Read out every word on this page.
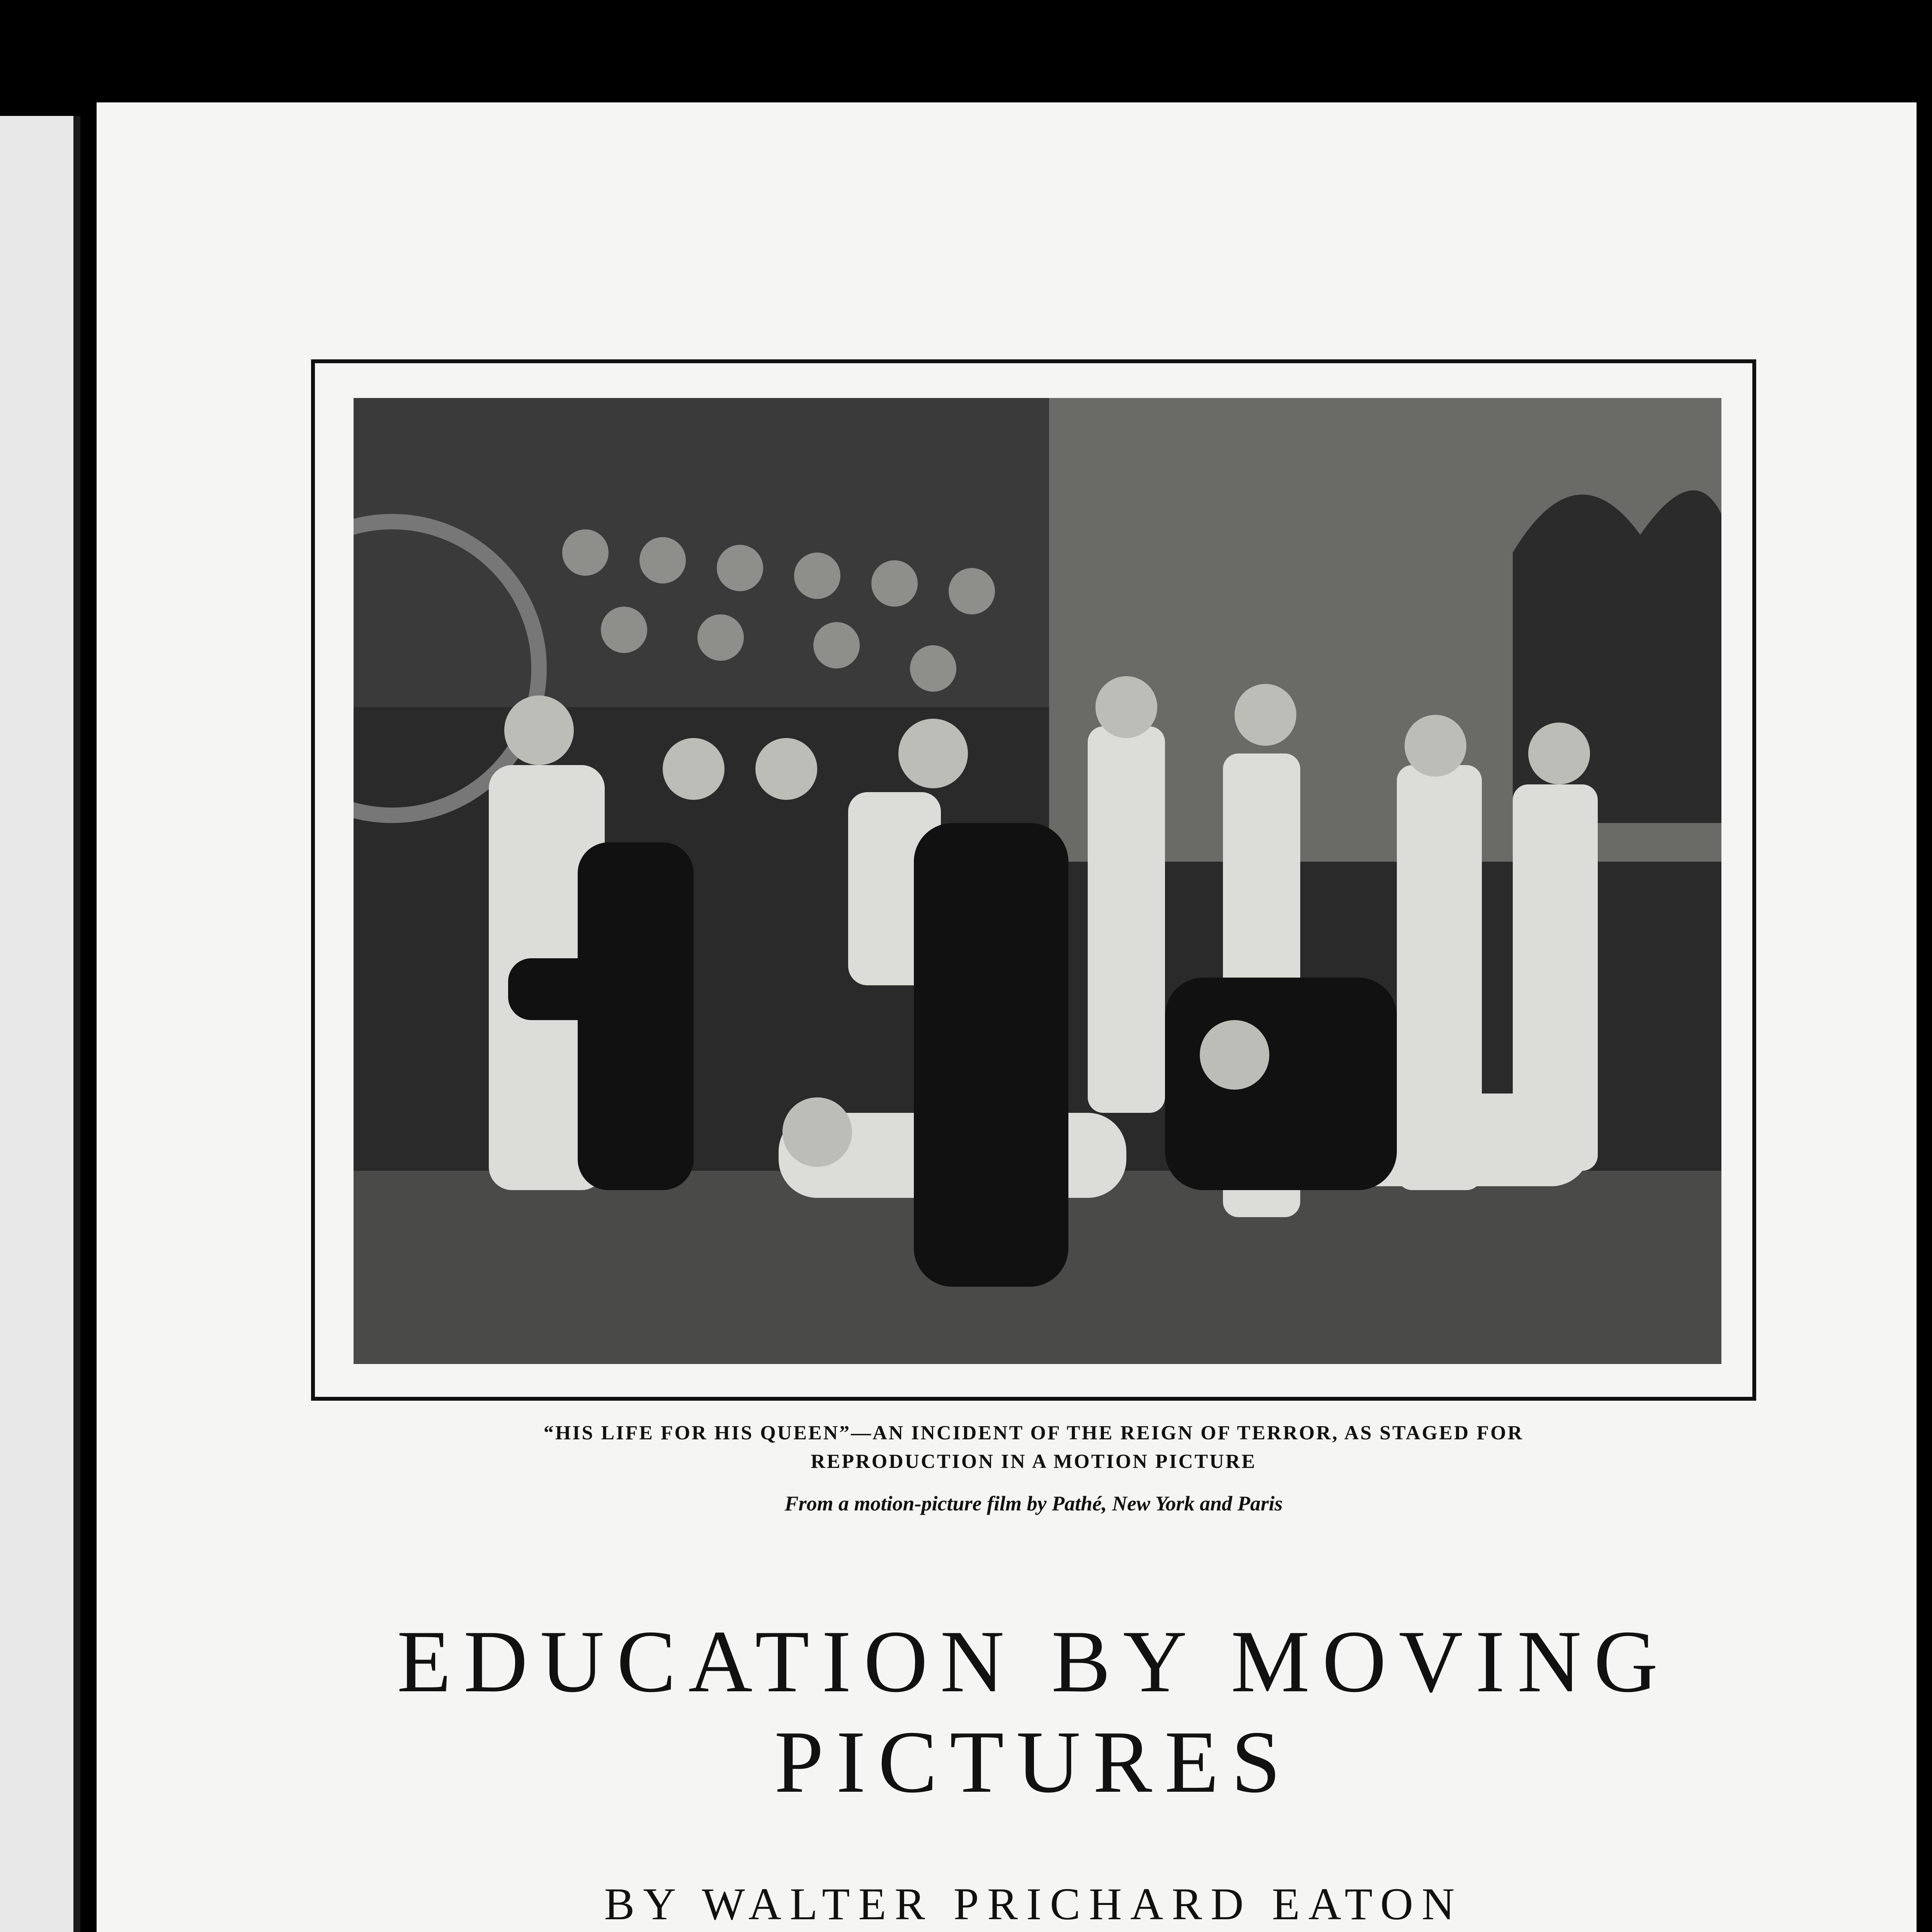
“HIS LIFE FOR HIS QUEEN”—AN INCIDENT OF THE REIGN OF TERROR, AS STAGED FOR
REPRODUCTION IN A MOTION PICTURE
From a motion-picture film by Pathé, New York and Paris
EDUCATION BY MOVING
PICTURES
BY WALTER PRICHARD EATON
